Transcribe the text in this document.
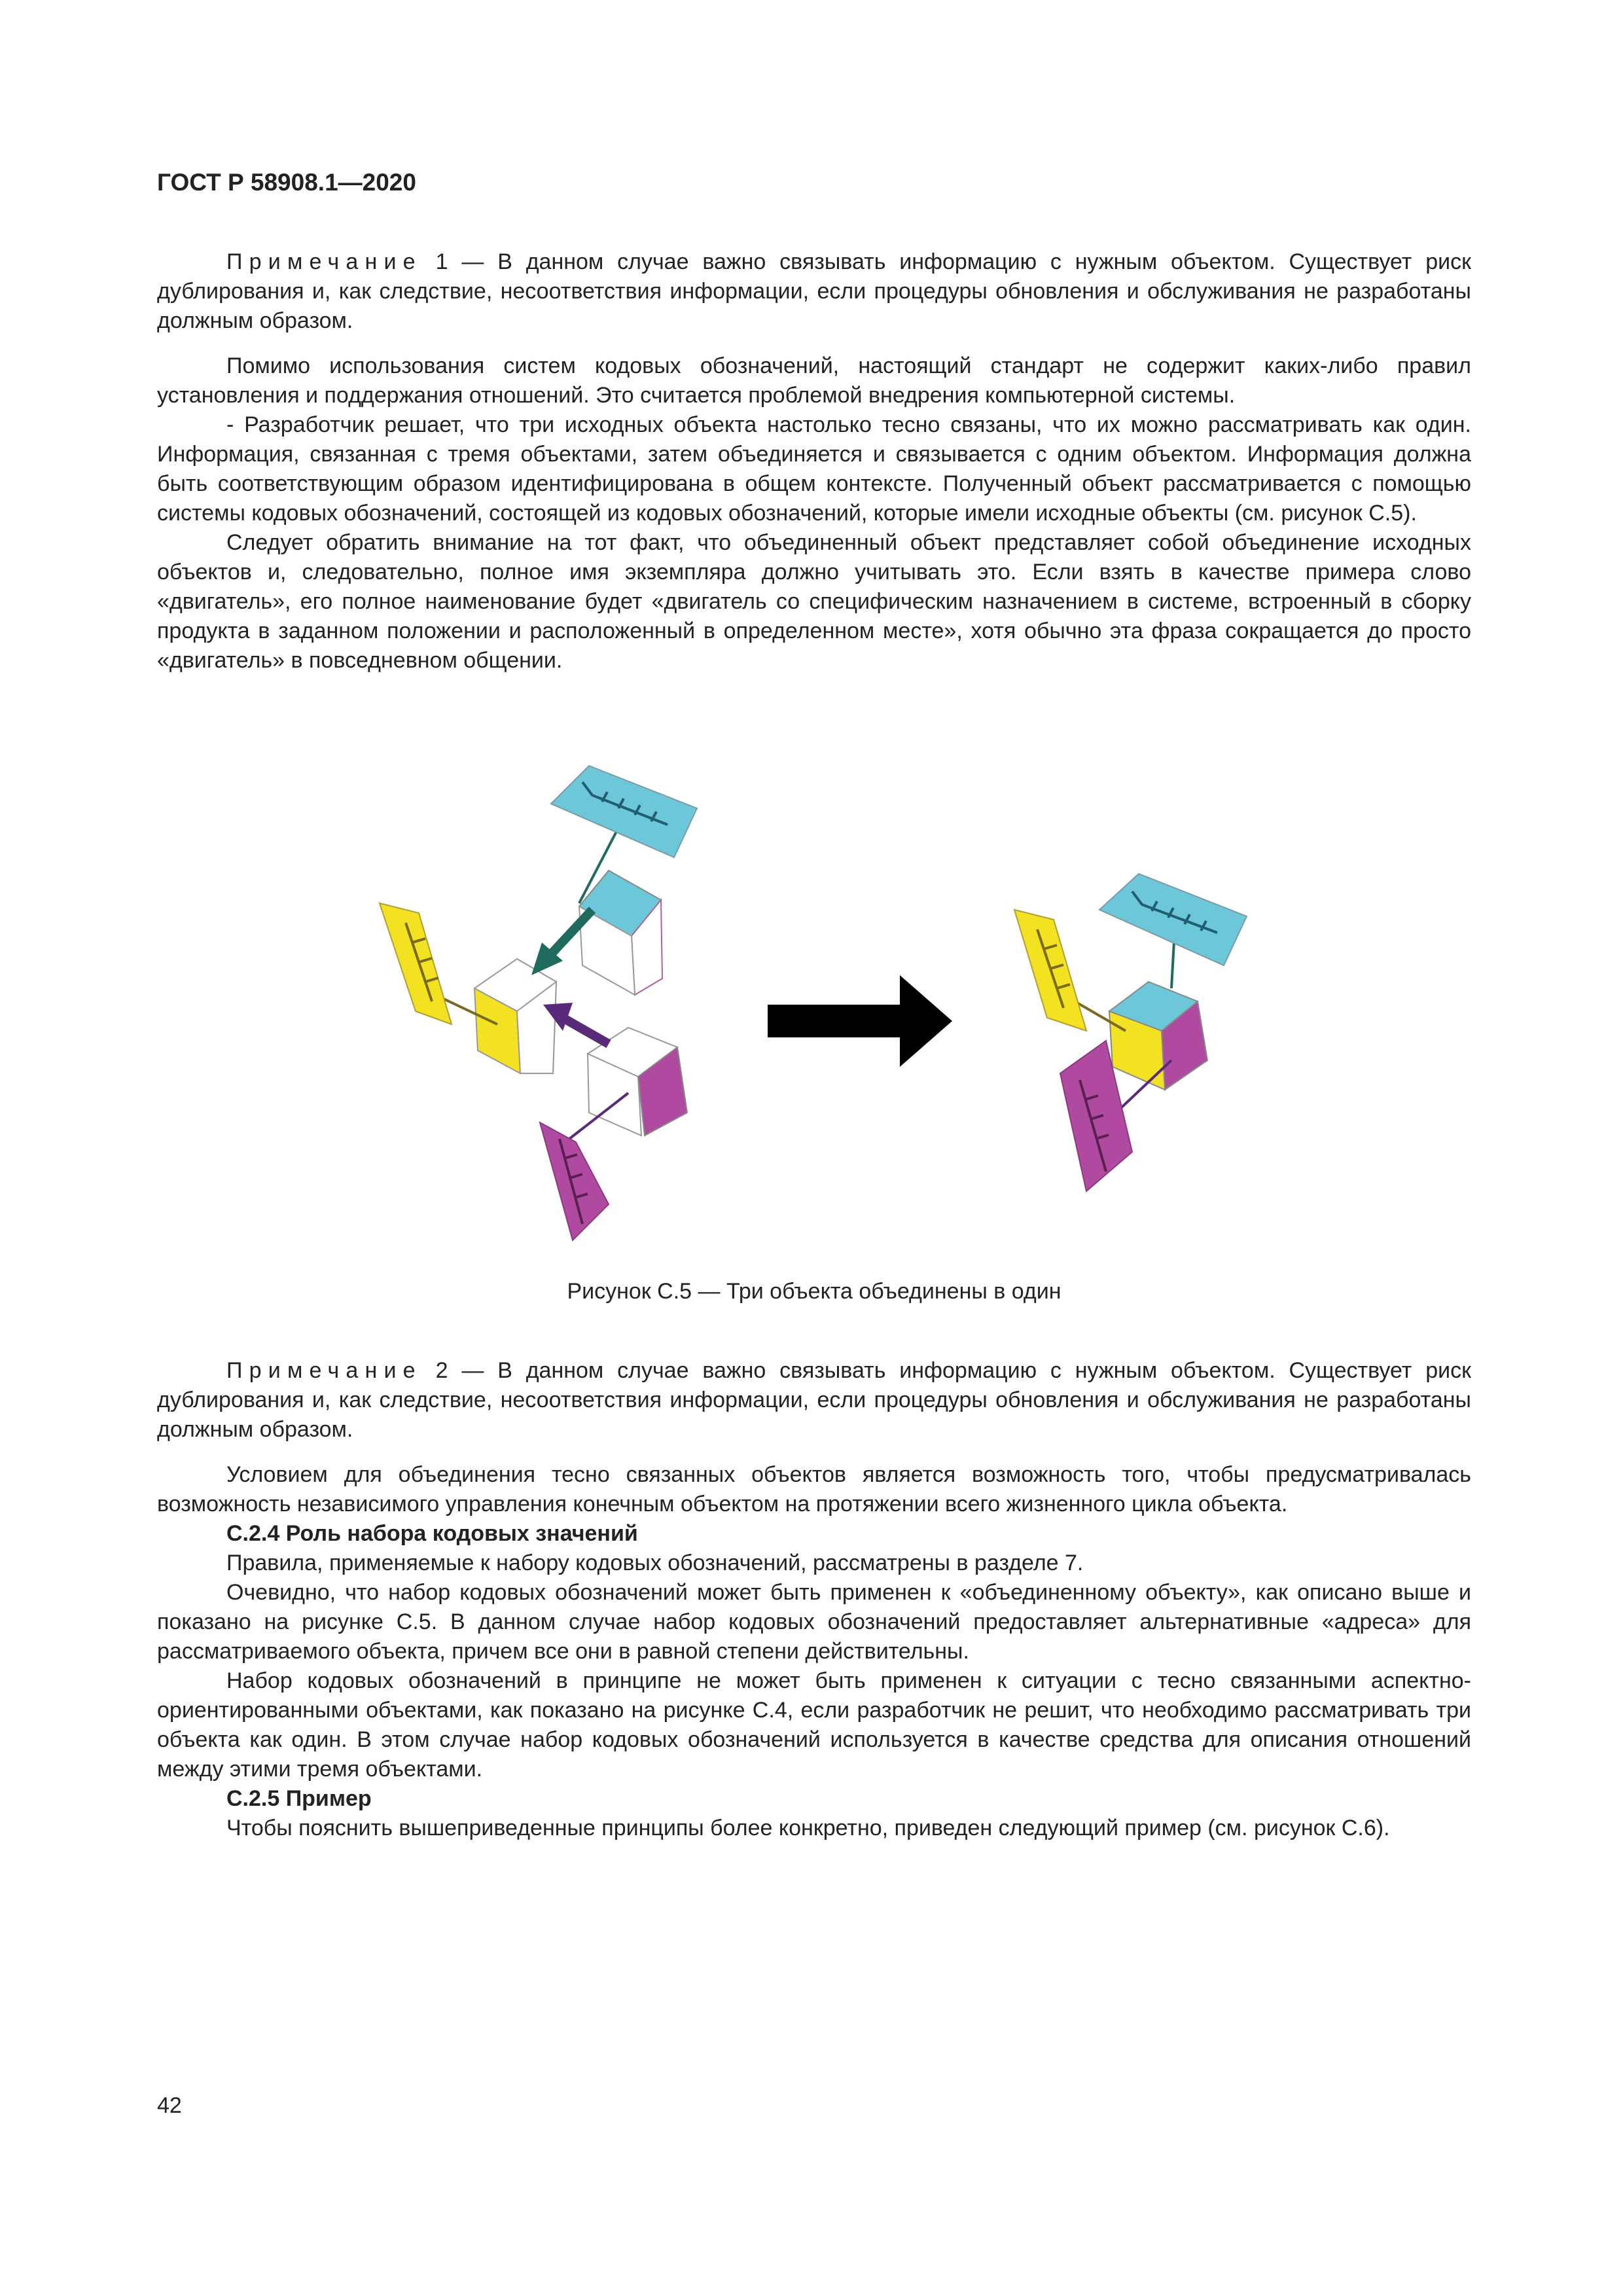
ГОСТ Р 58908.1—2020

Примечание 1 — В данном случае важно связывать информацию с нужным объектом. Существует риск дублирования и, как следствие, несоответствия информации, если процедуры обновления и обслуживания не разработаны должным образом.

Помимо использования систем кодовых обозначений, настоящий стандарт не содержит каких-либо правил установления и поддержания отношений. Это считается проблемой внедрения компьютерной системы.

- Разработчик решает, что три исходных объекта настолько тесно связаны, что их можно рассматривать как один. Информация, связанная с тремя объектами, затем объединяется и связывается с одним объектом. Информация должна быть соответствующим образом идентифицирована в общем контексте. Полученный объект рассматривается с помощью системы кодовых обозначений, состоящей из кодовых обозначений, которые имели исходные объекты (см. рисунок С.5).

Следует обратить внимание на тот факт, что объединенный объект представляет собой объединение исходных объектов и, следовательно, полное имя экземпляра должно учитывать это. Если взять в качестве примера слово «двигатель», его полное наименование будет «двигатель со специфическим назначением в системе, встроенный в сборку продукта в заданном положении и расположенный в определенном месте», хотя обычно эта фраза сокращается до просто «двигатель» в повседневном общении.

Рисунок С.5 — Три объекта объединены в один

Примечание 2 — В данном случае важно связывать информацию с нужным объектом. Существует риск дублирования и, как следствие, несоответствия информации, если процедуры обновления и обслуживания не разработаны должным образом.

Условием для объединения тесно связанных объектов является возможность того, чтобы предусматривалась возможность независимого управления конечным объектом на протяжении всего жизненного цикла объекта.

С.2.4 Роль набора кодовых значений

Правила, применяемые к набору кодовых обозначений, рассматрены в разделе 7.

Очевидно, что набор кодовых обозначений может быть применен к «объединенному объекту», как описано выше и показано на рисунке С.5. В данном случае набор кодовых обозначений предоставляет альтернативные «адреса» для рассматриваемого объекта, причем все они в равной степени действительны.

Набор кодовых обозначений в принципе не может быть применен к ситуации с тесно связанными аспектно-ориентированными объектами, как показано на рисунке С.4, если разработчик не решит, что необходимо рассматривать три объекта как один. В этом случае набор кодовых обозначений используется в качестве средства для описания отношений между этими тремя объектами.

С.2.5 Пример

Чтобы пояснить вышеприведенные принципы более конкретно, приведен следующий пример (см. рисунок С.6).

42
